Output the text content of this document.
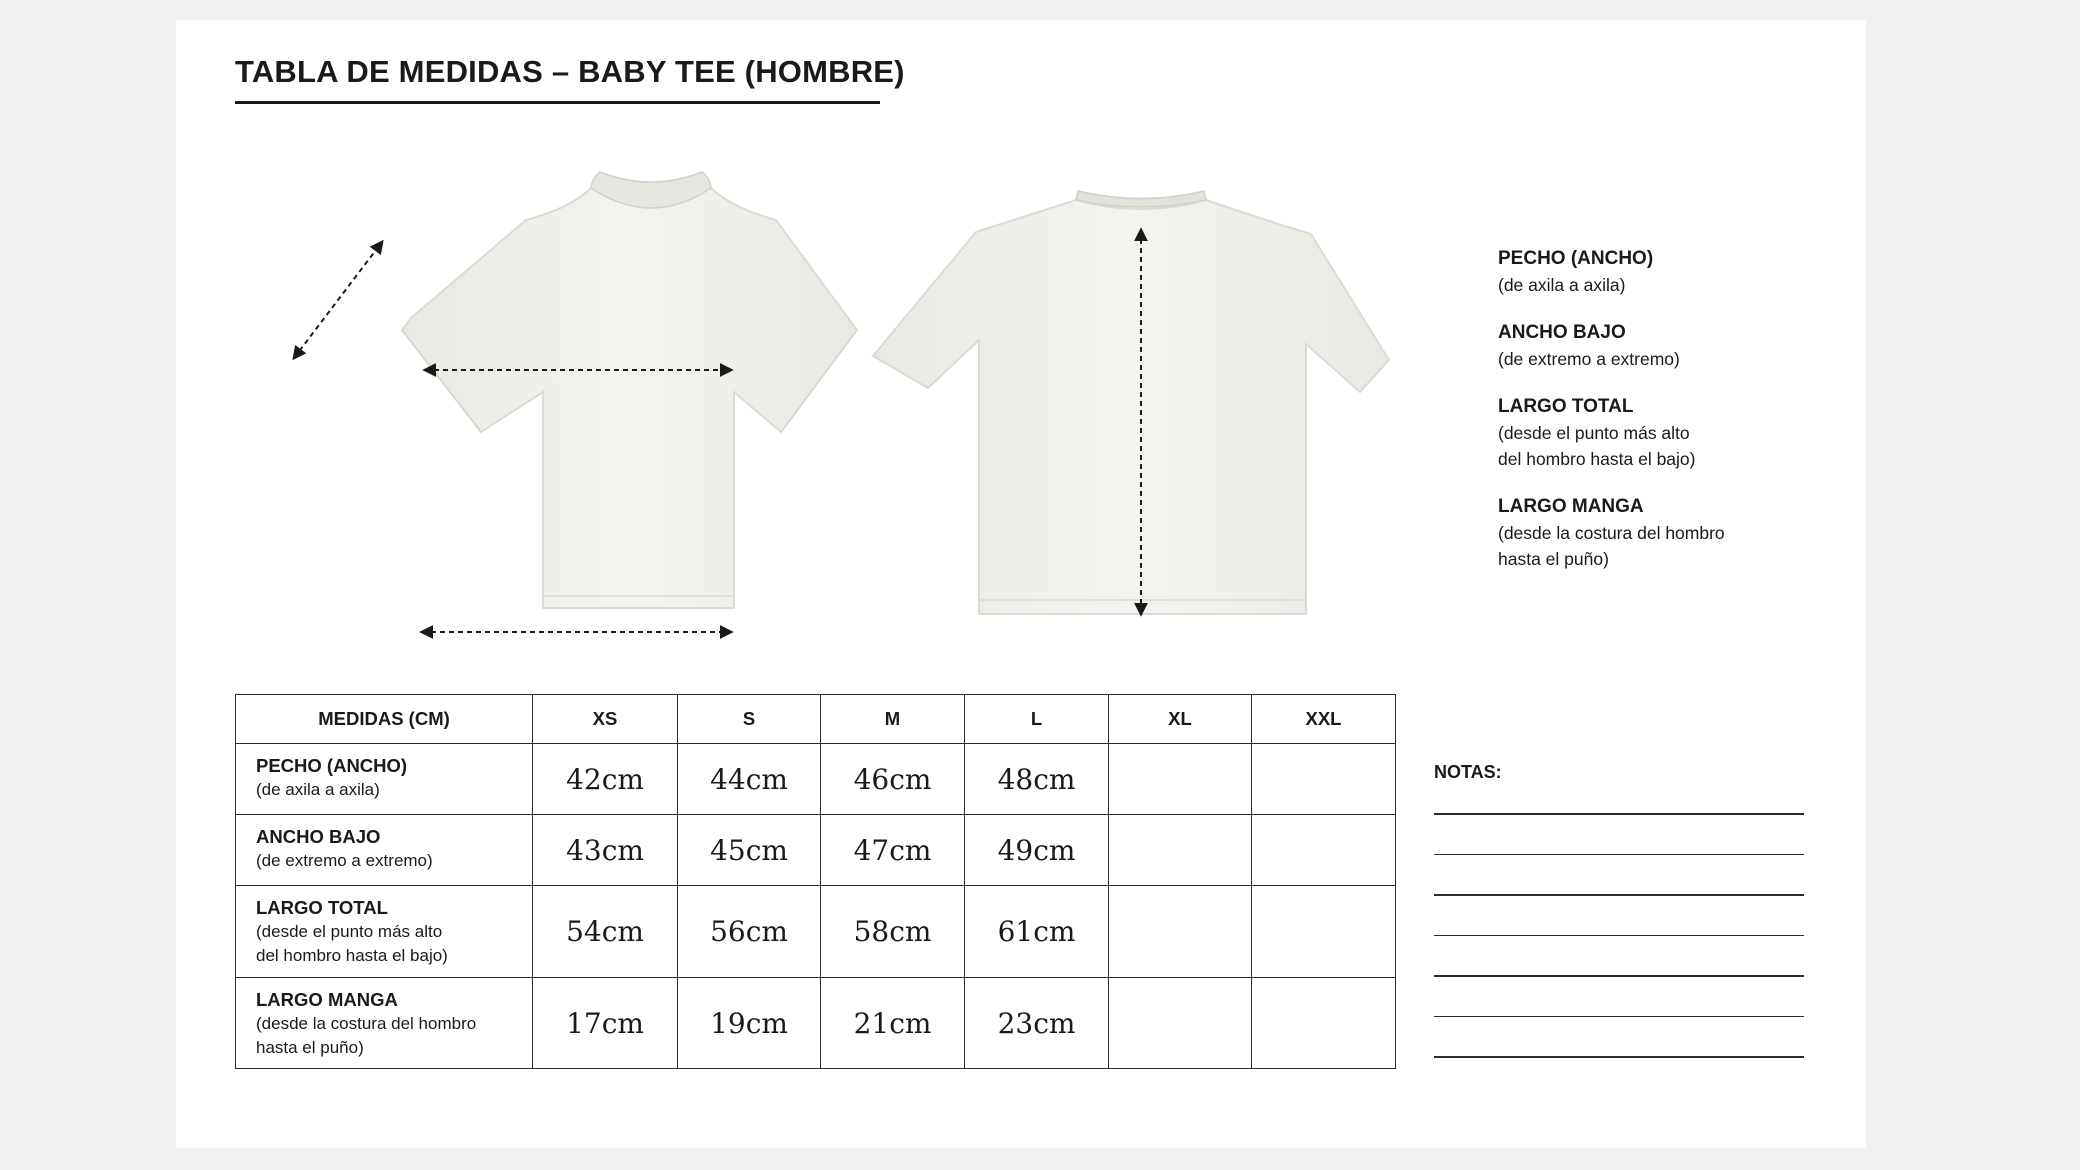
TABLA DE MEDIDAS – BABY TEE (HOMBRE)
PECHO (ANCHO)
(de axila a axila)
ANCHO BAJO
(de extremo a extremo)
LARGO TOTAL
(desde el punto más alto
del hombro hasta el bajo)
LARGO MANGA
(desde la costura del hombro
hasta el puño)
MEDIDAS (CM)	XS	S	M	L	XL	XXL

PECHO (ANCHO)
(de axila a axila)	42cm	44cm	46cm	48cm		

ANCHO BAJO
(de extremo a extremo)	43cm	45cm	47cm	49cm		

LARGO TOTAL
(desde el punto más alto
del hombro hasta el bajo)	54cm	56cm	58cm	61cm		

LARGO MANGA
(desde la costura del hombro
hasta el puño)	17cm	19cm	21cm	23cm		
NOTAS:
